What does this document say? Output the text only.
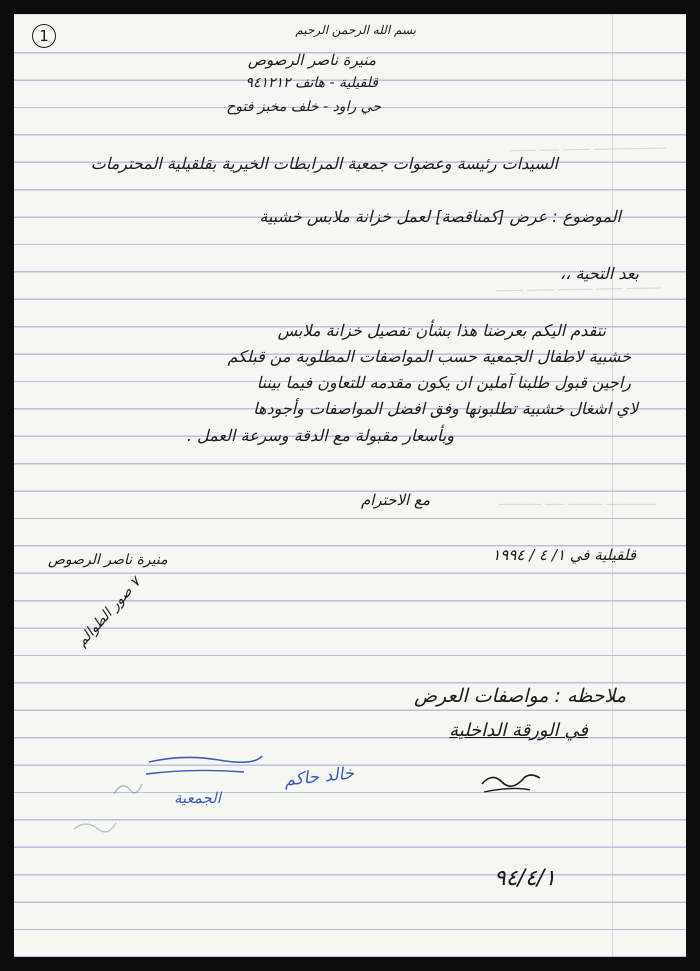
1
ـــــــــــــــــــ ـــــــ ـــــ ـــــــ
ـــــــــ ـــــــ ـــــــــ ـــــــ ـــــــ
ـــــــــــــ ـــــــــ ـــــ ـــــــــــ
بسم الله الرحمن الرحيم
منيرة ناصر الرصوص
قلقيلية - هاتف ٩٤١٢١٢
حي راود - خلف مخبز فتوح
السيدات رئيسة وعضوات جمعية المرابطات الخيرية بقلقيلية المحترمات
الموضوع : عرض [كمناقصة] لعمل خزانة ملابس خشبية
بعد التحية ،،
نتقدم اليكم بعرضنا هذا بشأن تفصيل خزانة ملابس
خشبية لاطفال الجمعية حسب المواصفات المطلوبة من قبلكم
راجين قبول طلبنا آملين ان يكون مقدمه للتعاون فيما بيننا
لاي اشغال خشبية تطلبونها وفق افضل المواصفات وأجودها
وبأسعار مقبولة مع الدقة وسرعة العمل .
مع الاحترام
قلقيلية في ١/ ٤ / ١٩٩٤
منيرة ناصر الرصوص
٧ صور الطوالم
ملاحظه : مواصفات العرض
في الورقة الداخلية
خالد حاكم
الجمعية
٩٤/٤/١
